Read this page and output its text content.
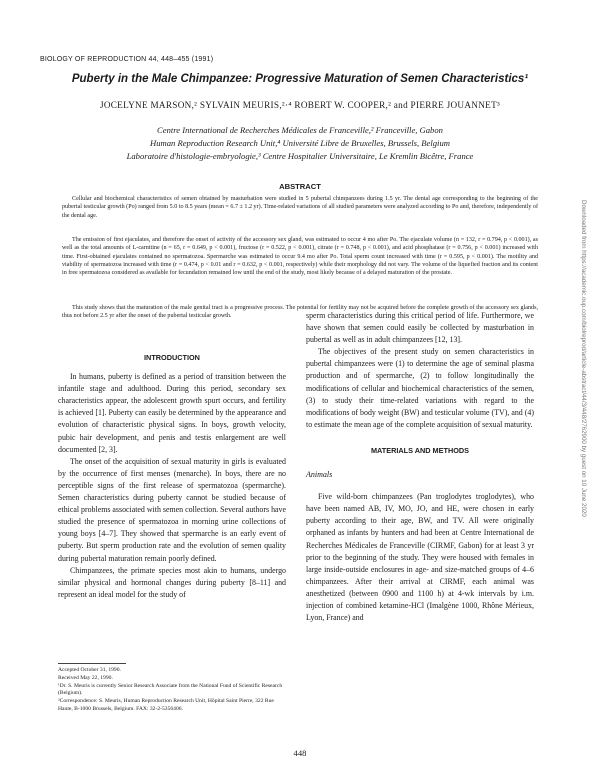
BIOLOGY OF REPRODUCTION 44, 448–455 (1991)
Puberty in the Male Chimpanzee: Progressive Maturation of Semen Characteristics¹
JOCELYNE MARSON,² SYLVAIN MEURIS,²·⁴ ROBERT W. COOPER,² and PIERRE JOUANNET³
Centre International de Recherches Médicales de Franceville,² Franceville, Gabon
Human Reproduction Research Unit,⁴ Université Libre de Bruxelles, Brussels, Belgium
Laboratoire d'histologie-embryologie,³ Centre Hospitalier Universitaire, Le Kremlin Bicêtre, France
ABSTRACT

Cellular and biochemical characteristics of semen obtained by masturbation were studied in 5 pubertal chimpanzees during 1.5 yr. The dental age corresponding to the beginning of the pubertal testicular growth (Po) ranged from 5.0 to 8.5 years (mean = 6.7 ± 1.2 yr). Time-related variations of all studied parameters were analyzed according to Po and, therefore, independently of the dental age.

The emission of first ejaculates, and therefore the onset of activity of the accessory sex gland, was estimated to occur 4 mo after Po. The ejaculate volume (n = 132, r = 0.794, p < 0.001), as well as the total amounts of L-carnitine (n = 65, r = 0.649, p < 0.001), fructose (r = 0.522, p < 0.001), citrate (r = 0.748, p < 0.001), and acid phosphatase (r = 0.756, p < 0.001) increased with time. First-obtained ejaculates contained no spermatozoa. Spermarche was estimated to occur 9.4 mo after Po. Total sperm count increased with time (r = 0.595, p < 0.001). The motility and viability of spermatozoa increased with time (r = 0.474, p < 0.01 and r = 0.632, p < 0.001, respectively) while their morphology did not vary. The volume of the liquefied fraction and its content in free spermatozoa considered as available for fecundation remained low until the end of the study, most likely because of a delayed maturation of the prostate.

This study shows that the maturation of the male genital tract is a progressive process. The potential for fertility may not be acquired before the complete growth of the accessory sex glands, thus not before 2.5 yr after the onset of the pubertal testicular growth.	Downloaded from https://academic.oup.com/biolreprod/article-abstract/44/3/448/2762900 by guest on 10 June 2020
INTRODUCTION

In humans, puberty is defined as a period of transition between the infantile stage and adulthood. During this period, secondary sex characteristics appear, the adolescent growth spurt occurs, and fertility is achieved [1]. Puberty can easily be determined by the appearance and evolution of characteristic physical signs. In boys, growth velocity, pubic hair development, and penis and testis enlargement are well documented [2, 3].

The onset of the acquisition of sexual maturity in girls is evaluated by the occurrence of first menses (menarche). In boys, there are no perceptible signs of the first release of spermatozoa (spermarche). Semen characteristics during puberty cannot be studied because of ethical problems associated with semen collection. Several authors have studied the presence of spermatozoa in morning urine collections of young boys [4–7]. They showed that spermarche is an early event of puberty. But sperm production rate and the evolution of semen quality during pubertal maturation remain poorly defined.

Chimpanzees, the primate species most akin to humans, undergo similar physical and hormonal changes during puberty [8–11] and represent an ideal model for the study of

sperm characteristics during this critical period of life. Furthermore, we have shown that semen could easily be collected by masturbation in pubertal as well as in adult chimpanzees [12, 13].

The objectives of the present study on semen characteristics in pubertal chimpanzees were (1) to determine the age of seminal plasma production and of spermarche, (2) to follow longitudinally the modifications of cellular and biochemical characteristics of the semen, (3) to study their time-related variations with regard to the modifications of body weight (BW) and testicular volume (TV), and (4) to estimate the mean age of the complete acquisition of sexual maturity.

MATERIALS AND METHODS
Animals

Five wild-born chimpanzees (Pan troglodytes troglodytes), who have been named AB, IV, MO, JO, and HE, were chosen in early puberty according to their age, BW, and TV. All were originally orphaned as infants by hunters and had been at Centre International de Recherches Médicales de Franceville (CIRMF, Gabon) for at least 3 yr prior to the beginning of the study. They were housed with females in large inside-outside enclosures in age- and size-matched groups of 4–6 chimpanzees. After their arrival at CIRMF, each animal was anesthetized (between 0900 and 1100 h) at 4-wk intervals by i.m. injection of combined ketamine-HCl (Imalgène 1000, Rhône Mérieux, Lyon, France) and

Accepted October 31, 1990.
Received May 22, 1990.
¹Dr. S. Meuris is currently Senior Research Associate from the National Fund of Scientific Research (Belgium).
²Correspondence: S. Meuris, Human Reproduction Research Unit, Hôpital Saint Pierre, 322 Rue Haute, B-1000 Brussels, Belgium. FAX: 32-2-5356406.
448
